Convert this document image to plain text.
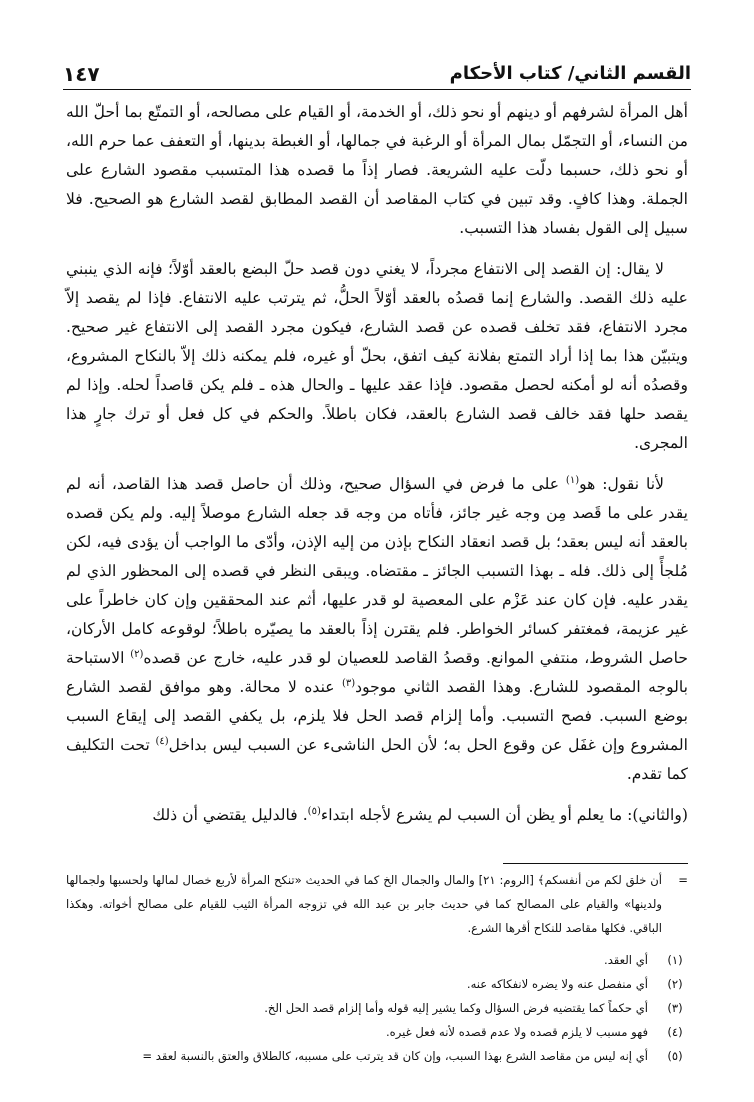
القسم الثاني/ كتاب الأحكام
١٤٧

أهل المرأة لشرفهم أو دينهم أو نحو ذلك، أو الخدمة، أو القيام على مصالحه، أو التمتّع بما أحلّ الله من النساء، أو التجمّل بمال المرأة أو الرغبة في جمالها، أو الغبطة بدينها، أو التعفف عما حرم الله، أو نحو ذلك، حسبما دلّت عليه الشريعة. فصار إذاً ما قصده هذا المتسبب مقصود الشارع على الجملة. وهذا كافٍ. وقد تبين في كتاب المقاصد أن القصد المطابق لقصد الشارع هو الصحيح. فلا سبيل إلى القول بفساد هذا التسبب.

لا يقال: إن القصد إلى الانتفاع مجرداً، لا يغني دون قصد حلّ البضع بالعقد أوّلاً؛ فإنه الذي ينبني عليه ذلك القصد. والشارع إنما قصدُه بالعقد أوّلاً الحلُّ، ثم يترتب عليه الانتفاع. فإذا لم يقصد إلاّ مجرد الانتفاع، فقد تخلف قصده عن قصد الشارع، فيكون مجرد القصد إلى الانتفاع غير صحيح. ويتبيّن هذا بما إذا أراد التمتع بفلانة كيف اتفق، بحلّ أو غيره، فلم يمكنه ذلك إلاّ بالنكاح المشروع، وقصدُه أنه لو أمكنه لحصل مقصود. فإذا عقد عليها ـ والحال هذه ـ فلم يكن قاصداً لحله. وإذا لم يقصد حلها فقد خالف قصد الشارع بالعقد، فكان باطلاً. والحكم في كل فعل أو ترك جارٍ هذا المجرى.

لأنا نقول: هو$^{(١)}$ على ما فرض في السؤال صحيح، وذلك أن حاصل قصد هذا القاصد، أنه لم يقدر على ما قَصد مِن وجه غير جائز، فأتاه من وجه قد جعله الشارع موصلاً إليه. ولم يكن قصده بالعقد أنه ليس بعقد؛ بل قصد انعقاد النكاح بإذن من إليه الإذن، وأدّى ما الواجب أن يؤدى فيه، لكن مُلجأً إلى ذلك. فله ـ بهذا التسبب الجائز ـ مقتضاه. ويبقى النظر في قصده إلى المحظور الذي لم يقدر عليه. فإن كان عند عَزْم على المعصية لو قدر عليها، أثم عند المحققين وإن كان خاطراً على غير عزيمة، فمغتفر كسائر الخواطر. فلم يقترن إذاً بالعقد ما يصيّره باطلاً؛ لوقوعه كامل الأركان، حاصل الشروط، منتفي الموانع. وقصدُ القاصد للعصيان لو قدر عليه، خارج عن قصده$^{(٢)}$ الاستباحة بالوجه المقصود للشارع. وهذا القصد الثاني موجود$^{(٣)}$ عنده لا محالة. وهو موافق لقصد الشارع بوضع السبب. فصح التسبب. وأما إلزام قصد الحل فلا يلزم، بل يكفي القصد إلى إيقاع السبب المشروع وإن غفَل عن وقوع الحل به؛ لأن الحل الناشىء عن السبب ليس بداخل$^{(٤)}$ تحت التكليف كما تقدم.

(والثاني): ما يعلم أو يظن أن السبب لم يشرع لأجله ابتداء$^{(٥)}$. فالدليل يقتضي أن ذلك

=
أن خلق لكم من أنفسكم﴾ [الروم: ٢١] والمال والجمال الخ كما في الحديث «تنكح المرأة لأربع خصال لمالها ولحسبها ولجمالها ولدينها» والقيام على المصالح كما في حديث جابر بن عبد الله في تزوجه المرأة الثيب للقيام على مصالح أخواته. وهكذا الباقي. فكلها مقاصد للنكاح أقرها الشرع.
(١)
أي العقد.
(٢)
أي منفصل عنه ولا يضره لانفكاكه عنه.
(٣)
أي حكماً كما يقتضيه فرض السؤال وكما يشير إليه قوله وأما إلزام قصد الحل الخ.
(٤)
فهو مسبب لا يلزم قصده ولا عدم قصده لأنه فعل غيره.
(٥)
أي إنه ليس من مقاصد الشرع بهذا السبب، وإن كان قد يترتب على مسببه، كالطلاق والعتق بالنسبة لعقد =
